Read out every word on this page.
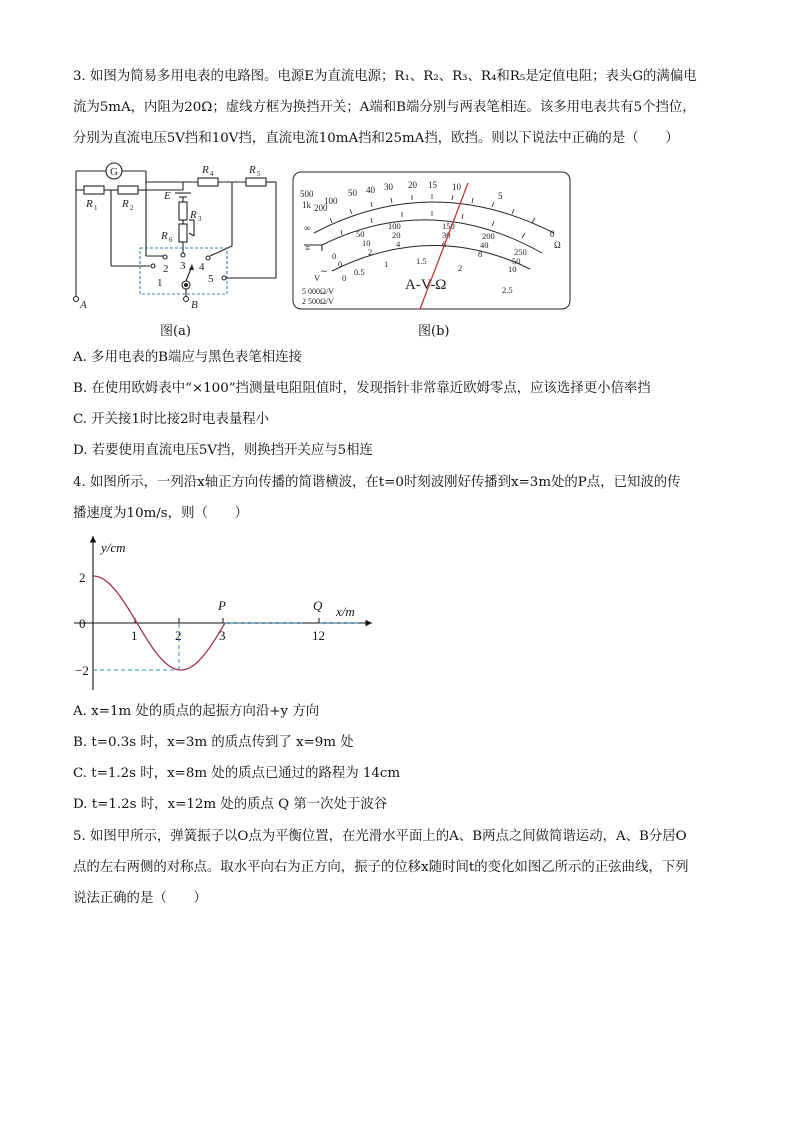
3. 如图为简易多用电表的电路图。电源E为直流电源；R₁、R₂、R₃、R₄和R₅是定值电阻；表头G的满偏电
流为5mA，内阻为20Ω；虚线方框为换挡开关；A端和B端分别与两表笔相连。该多用电表共有5个挡位，
分别为直流电压5V挡和10V挡，直流电流10mA挡和25mA挡，欧挡。则以下说法中正确的是（　　）
G
R 1 R 2
R 4	R 5
A
E
R 3
R 6
1
2 3 4
5
B
图(a)
500
1k 200
100
50 40 30 20 15 10
5
0
Ω
∞
≡
∼
0
50
100	150
200
250
0
10
20	30
40
50
2
4	6
8
10
0
0.5
1	1.5
2
2.5
V	A-V-Ω
5 000Ω/V
2 500Ω/V
图(b)
A. 多用电表的B端应与黑色表笔相连接
B. 在使用欧姆表中“×100”挡测量电阻阻值时，发现指针非常靠近欧姆零点，应该选择更小倍率挡
C. 开关接1时比接2时电表量程小
D. 若要使用直流电压5V挡，则换挡开关应与5相连
4. 如图所示，一列沿x轴正方向传播的简谐横波，在t=0时刻波刚好传播到x=3m处的P点，已知波的传
播速度为10m/s，则（　　）
y/cm
x/m
2
0
−2
1	2	3	12
P	Q
A. x=1m 处的质点的起振方向沿+y 方向
B. t=0.3s 时，x=3m 的质点传到了 x=9m 处
C. t=1.2s 时，x=8m 处的质点已通过的路程为 14cm
D. t=1.2s 时，x=12m 处的质点 Q 第一次处于波谷
5. 如图甲所示，弹簧振子以O点为平衡位置，在光滑水平面上的A、B两点之间做简谐运动，A、B分居O
点的左右两侧的对称点。取水平向右为正方向，振子的位移x随时间t的变化如图乙所示的正弦曲线，下列
说法正确的是（　　）
